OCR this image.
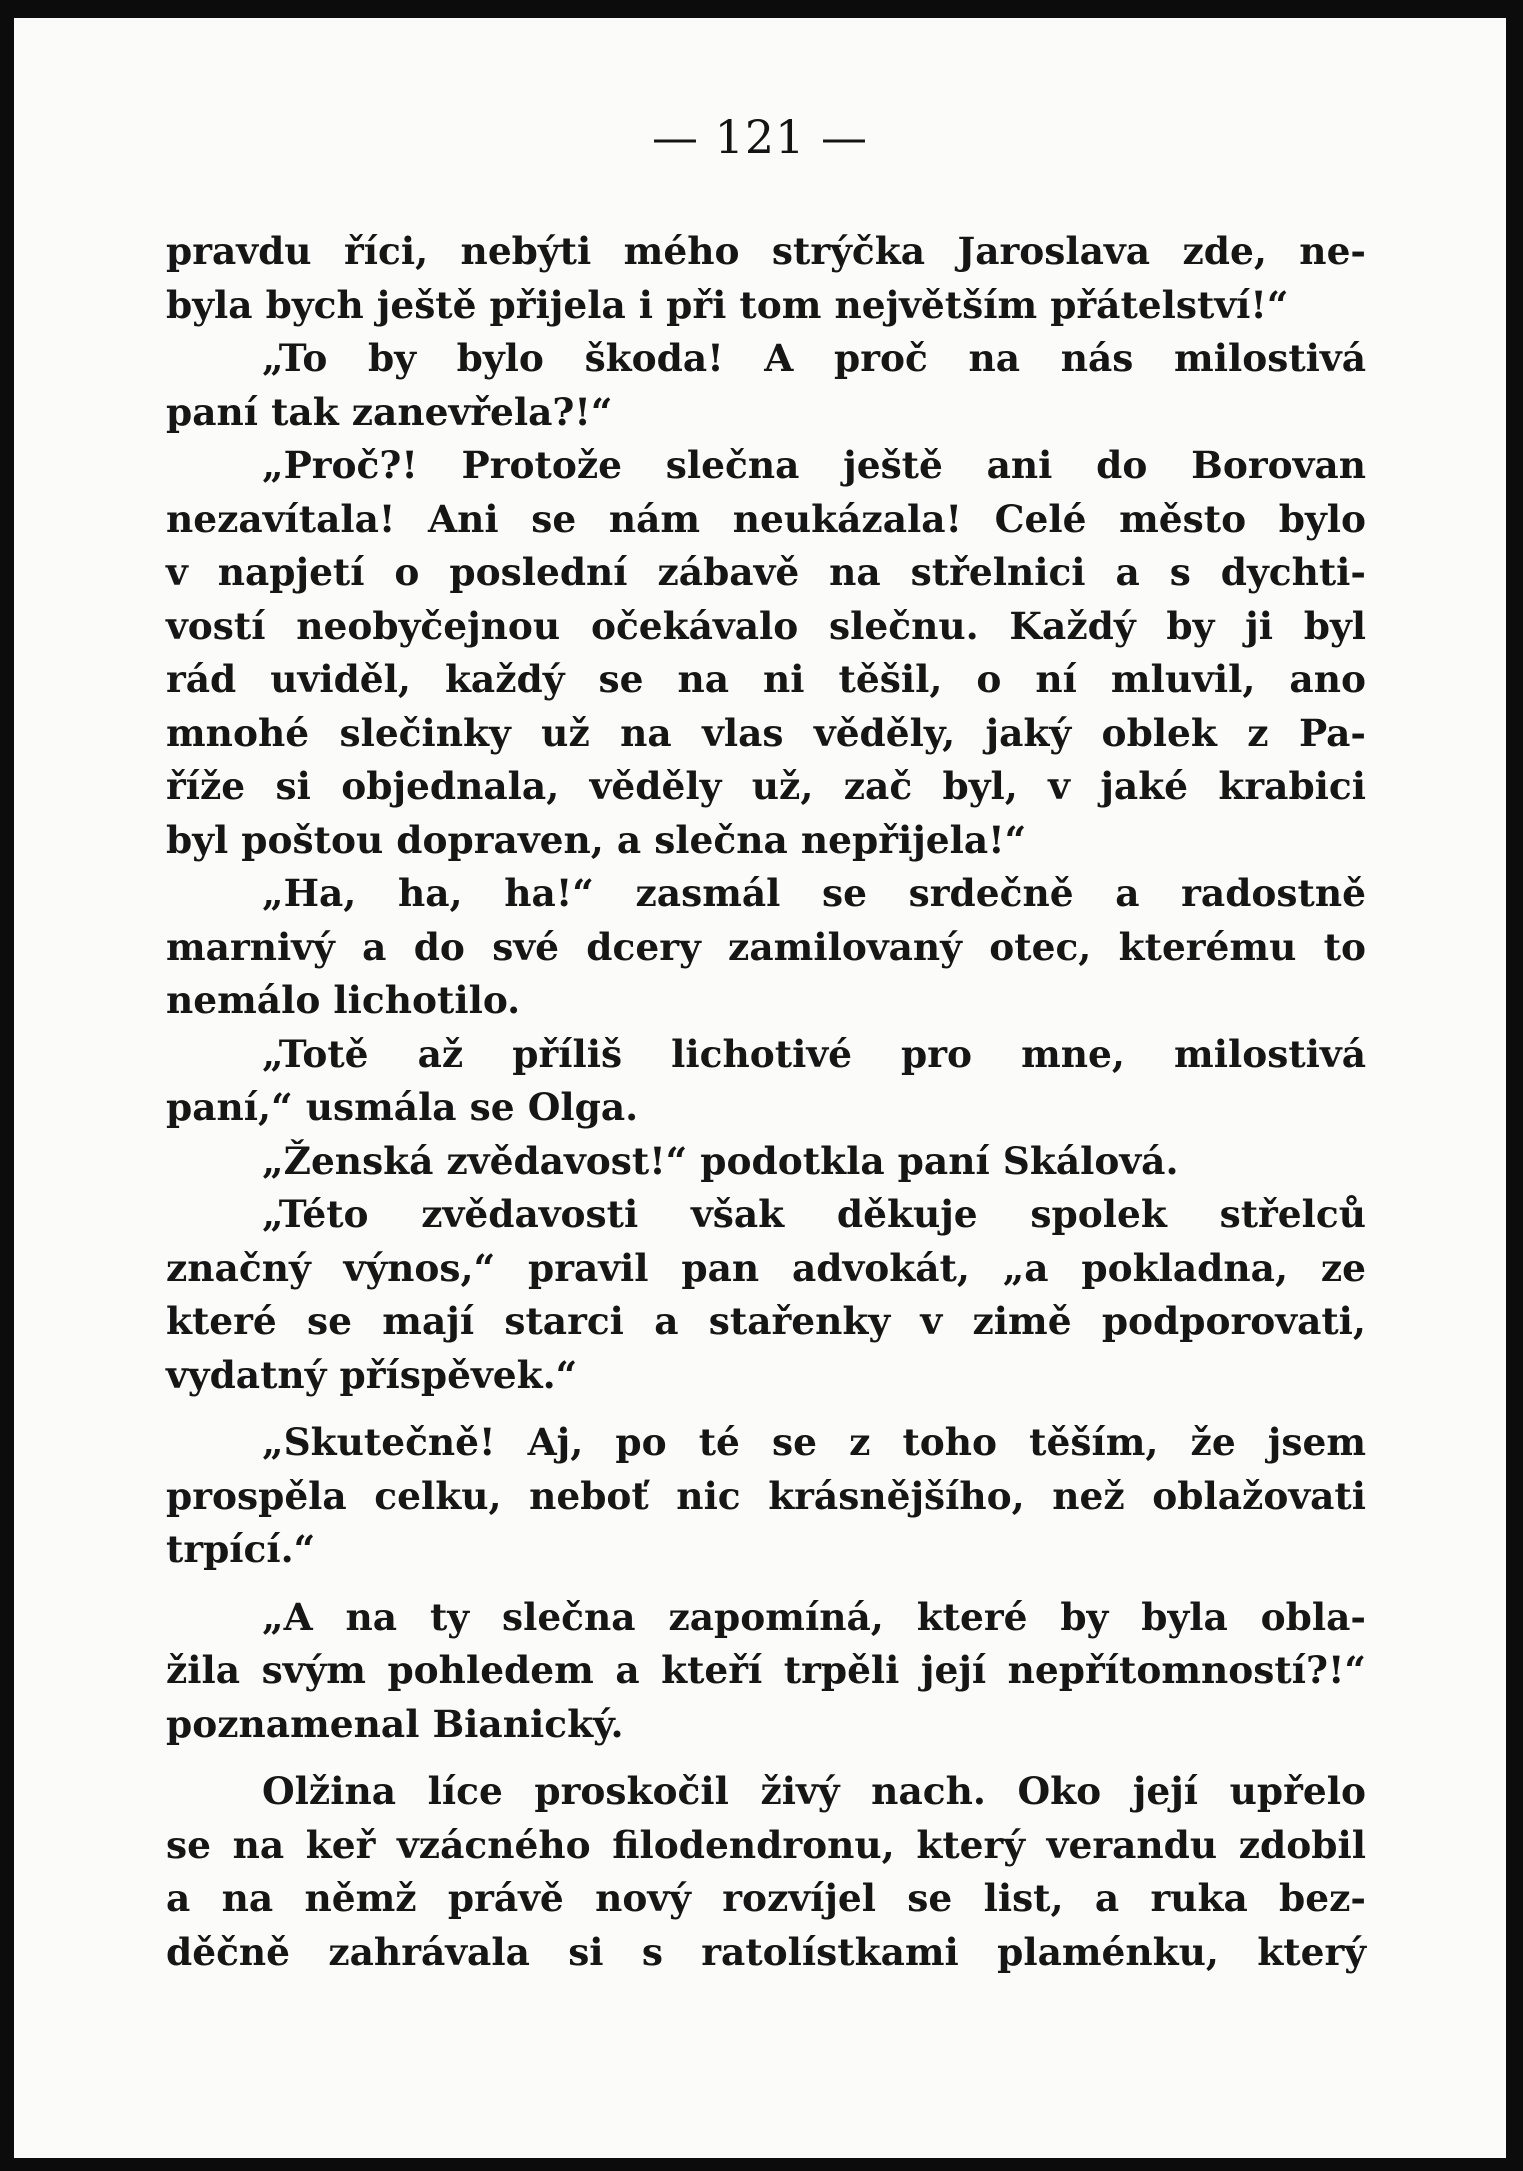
— 121 —
pravdu říci, nebýti mého strýčka Jaroslava zde, ne-
byla bych ještě přijela i při tom největším přátelství!“
„To by bylo škoda! A proč na nás milostivá
paní tak zanevřela?!“
„Proč?! Protože slečna ještě ani do Borovan
nezavítala! Ani se nám neukázala! Celé město bylo
v napjetí o poslední zábavě na střelnici a s dychti-
vostí neobyčejnou očekávalo slečnu. Každý by ji byl
rád uviděl, každý se na ni těšil, o ní mluvil, ano
mnohé slečinky už na vlas věděly, jaký oblek z Pa-
říže si objednala, věděly už, zač byl, v jaké krabici
byl poštou dopraven, a slečna nepřijela!“
„Ha, ha, ha!“ zasmál se srdečně a radostně
marnivý a do své dcery zamilovaný otec, kterému to
nemálo lichotilo.
„Totě až příliš lichotivé pro mne, milostivá
paní,“ usmála se Olga.
„Ženská zvědavost!“ podotkla paní Skálová.
„Této zvědavosti však děkuje spolek střelců
značný výnos,“ pravil pan advokát, „a pokladna, ze
které se mají starci a stařenky v zimě podporovati,
vydatný příspěvek.“
„Skutečně! Aj, po té se z toho těším, že jsem
prospěla celku, neboť nic krásnějšího, než oblažovati
trpící.“
„A na ty slečna zapomíná, které by byla obla-
žila svým pohledem a kteří trpěli její nepřítomností?!“
poznamenal Bianický.
Olžina líce proskočil živý nach. Oko její upřelo
se na keř vzácného filodendronu, který verandu zdobil
a na němž právě nový rozvíjel se list, a ruka bez-
děčně zahrávala si s ratolístkami plaménku, který
